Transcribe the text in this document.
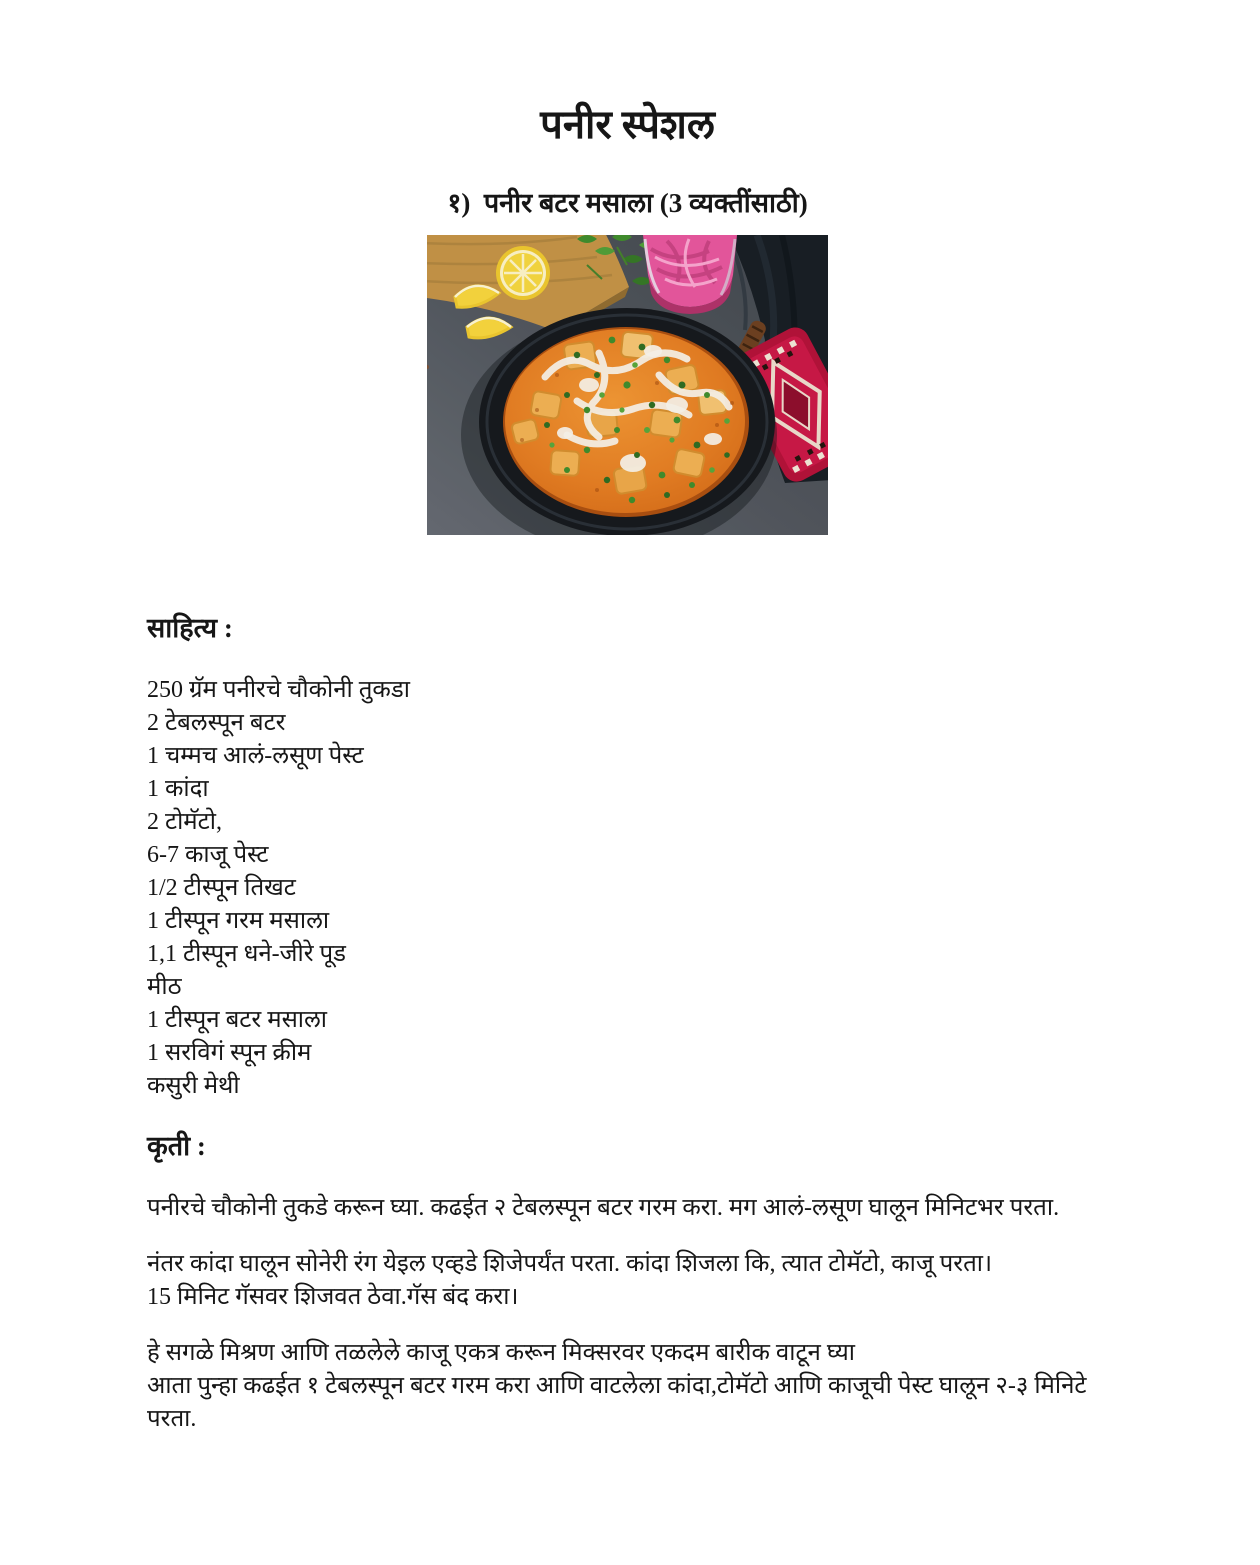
पनीर स्पेशल
१)  पनीर बटर मसाला (3 व्यक्तींसाठी)
साहित्य :
250 ग्रॅम पनीरचे चौकोनी तुकडा
2 टेबलस्पून बटर
1 चम्मच आलं-लसूण पेस्ट
1 कांदा
2 टोमॅटो,
6-7 काजू पेस्ट
1/2 टीस्पून तिखट
1 टीस्पून गरम मसाला
1,1 टीस्पून धने-जीरे पूड
मीठ
1 टीस्पून बटर मसाला
1 सरविगं स्पून क्रीम
कसुरी मेथी
कृती :
पनीरचे चौकोनी तुकडे करून घ्या. कढईत २ टेबलस्पून बटर गरम करा. मग आलं-लसूण घालून मिनिटभर परता.
नंतर कांदा घालून सोनेरी रंग येइल एव्हडे शिजेपर्यंत परता. कांदा शिजला कि, त्यात टोमॅटो, काजू परता।
15 मिनिट गॅसवर शिजवत ठेवा.गॅस बंद करा।
हे सगळे मिश्रण आणि तळलेले काजू एकत्र करून मिक्सरवर एकदम बारीक वाटून घ्या
आता पुन्हा कढईत १ टेबलस्पून बटर गरम करा आणि वाटलेला कांदा,टोमॅटो आणि काजूची पेस्ट घालून २-३ मिनिटे परता.
